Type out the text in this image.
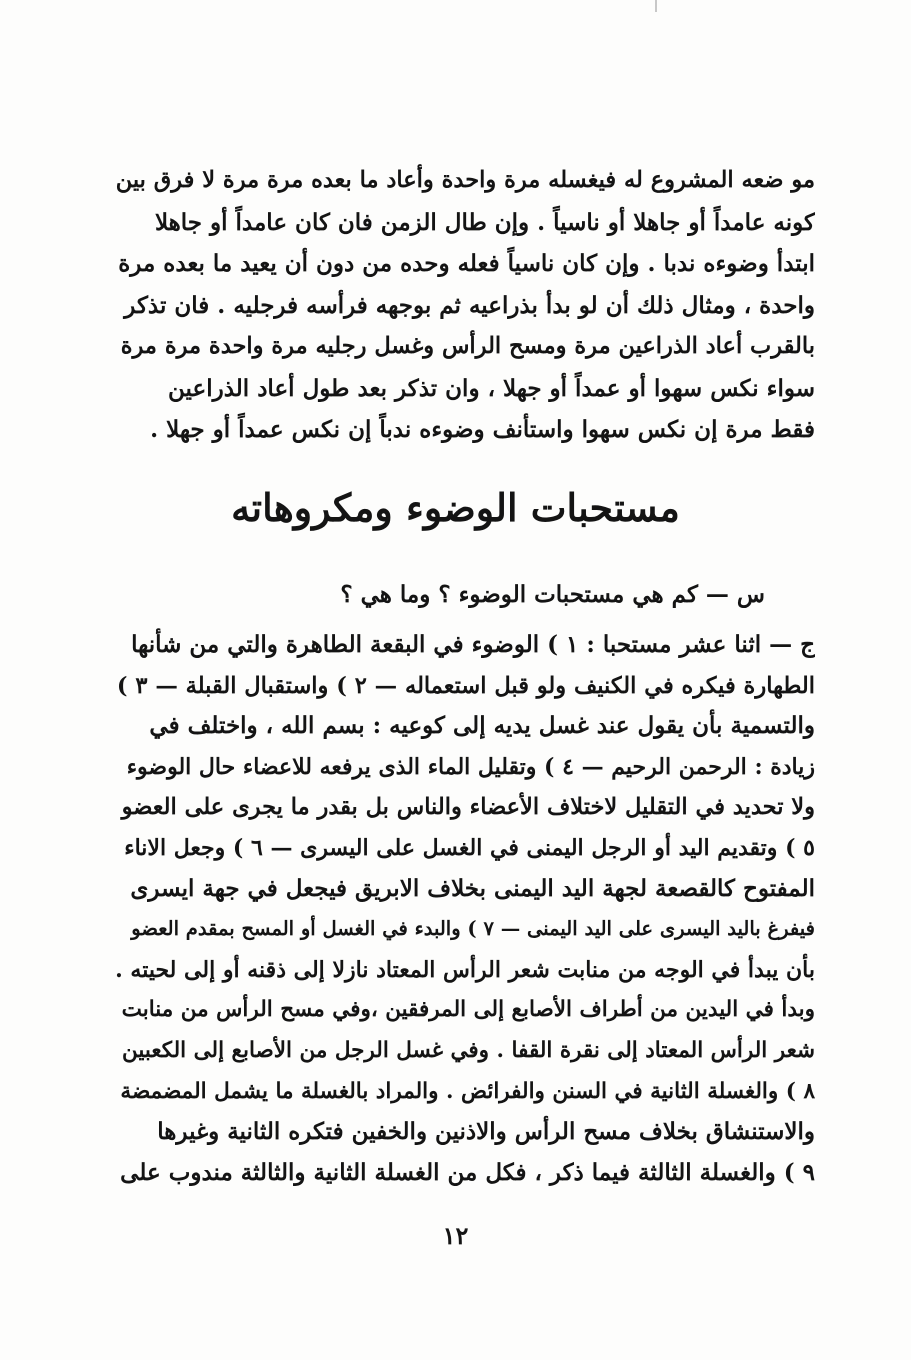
مو ضعه المشروع له فيغسله مرة واحدة وأعاد ما بعده مرة مرة لا فرق بين
كونه عامداً أو جاهلا أو ناسياً . وإن طال الزمن فان كان عامداً أو جاهلا
ابتدأ وضوءه ندبا . وإن كان ناسياً فعله وحده من دون أن يعيد ما بعده مرة
واحدة ، ومثال ذلك أن لو بدأ بذراعيه ثم بوجهه فرأسه فرجليه . فان تذكر
بالقرب أعاد الذراعين مرة ومسح الرأس وغسل رجليه مرة واحدة مرة مرة
سواء نكس سهوا أو عمداً أو جهلا ، وان تذكر بعد طول أعاد الذراعين
فقط مرة إن نكس سهوا واستأنف وضوءه ندباً إن نكس عمداً أو جهلا .
مستحبات الوضوء ومكروهاته
س — كم هي مستحبات الوضوء ؟ وما هي ؟
ج — اثنا عشر مستحبا : ١ ) الوضوء في البقعة الطاهرة والتي من شأنها
الطهارة فيكره في الكنيف ولو قبل استعماله — ٢ ) واستقبال القبلة — ٣ )
والتسمية بأن يقول عند غسل يديه إلى كوعيه : بسم الله ، واختلف في
زيادة : الرحمن الرحيم — ٤ ) وتقليل الماء الذى يرفعه للاعضاء حال الوضوء
ولا تحديد في التقليل لاختلاف الأعضاء والناس بل بقدر ما يجرى على العضو
٥ ) وتقديم اليد أو الرجل اليمنى في الغسل على اليسرى — ٦ ) وجعل الاناء
المفتوح كالقصعة لجهة اليد اليمنى بخلاف الابريق فيجعل في جهة ايسرى
فيفرغ باليد اليسرى على اليد اليمنى — ٧ ) والبدء في الغسل أو المسح بمقدم العضو
بأن يبدأ في الوجه من منابت شعر الرأس المعتاد نازلا إلى ذقنه أو إلى لحيته .
وبدأ في اليدين من أطراف الأصابع إلى المرفقين ،وفي مسح الرأس من منابت
شعر الرأس المعتاد إلى نقرة القفا . وفي غسل الرجل من الأصابع إلى الكعبين
٨ ) والغسلة الثانية في السنن والفرائض . والمراد بالغسلة ما يشمل المضمضة
والاستنشاق بخلاف مسح الرأس والاذنين والخفين فتكره الثانية وغيرها
٩ ) والغسلة الثالثة فيما ذكر ، فكل من الغسلة الثانية والثالثة مندوب على
١٢
